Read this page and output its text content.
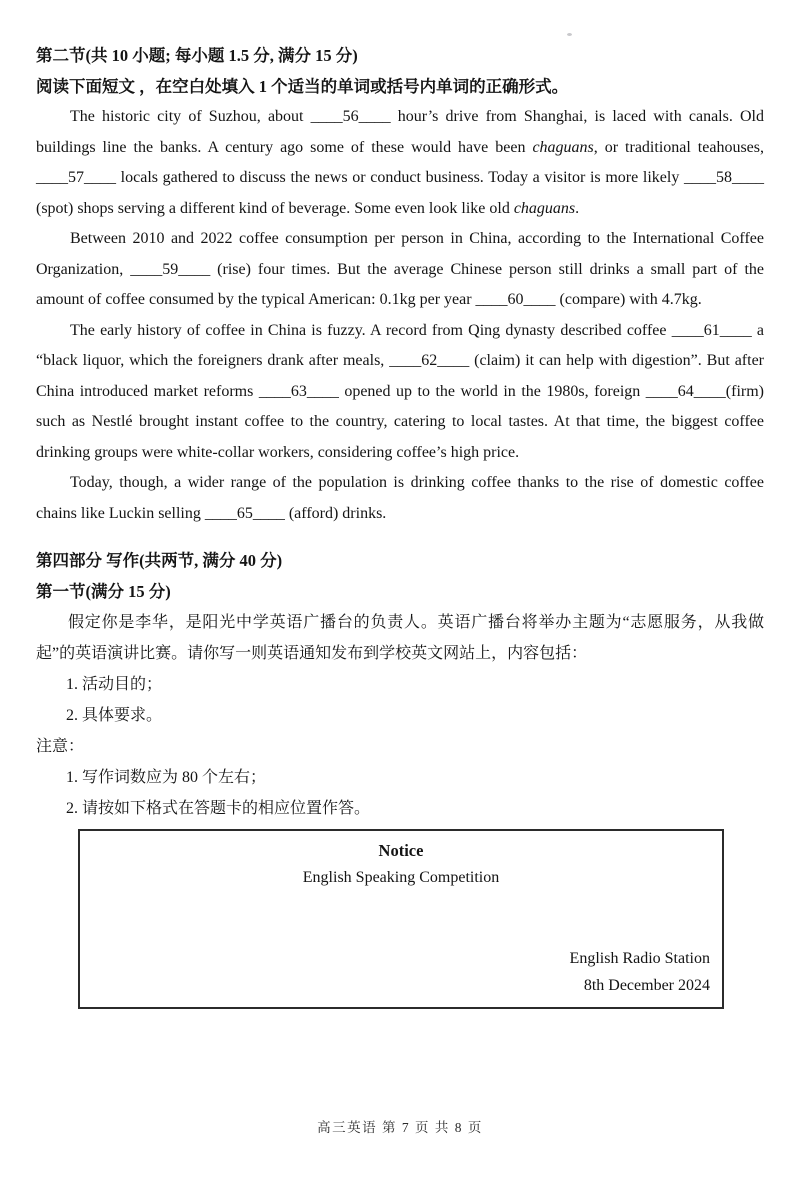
第二节(共 10 小题; 每小题 1.5 分, 满分 15 分)

阅读下面短文 ，在空白处填入 1 个适当的单词或括号内单词的正确形式。

The historic city of Suzhou, about ____56____ hour’s drive from Shanghai, is laced with canals. Old buildings line the banks. A century ago some of these would have been chaguans, or traditional teahouses, ____57____ locals gathered to discuss the news or conduct business. Today a visitor is more likely ____58____ (spot) shops serving a different kind of beverage. Some even look like old chaguans.

Between 2010 and 2022 coffee consumption per person in China, according to the International Coffee Organization, ____59____ (rise) four times. But the average Chinese person still drinks a small part of the amount of coffee consumed by the typical American: 0.1kg per year ____60____ (compare) with 4.7kg.

The early history of coffee in China is fuzzy. A record from Qing dynasty described coffee ____61____ a “black liquor, which the foreigners drank after meals, ____62____ (claim) it can help with digestion”. But after China introduced market reforms ____63____ opened up to the world in the 1980s, foreign ____64____(firm) such as Nestlé brought instant coffee to the country, catering to local tastes. At that time, the biggest coffee drinking groups were white-collar workers, considering coffee’s high price.

Today, though, a wider range of the population is drinking coffee thanks to the rise of domestic coffee chains like Luckin selling ____65____ (afford) drinks.

第四部分 写作(共两节, 满分 40 分)

第一节(满分 15 分)

假定你是李华，是阳光中学英语广播台的负责人。英语广播台将举办主题为“志愿服务，从我做起”的英语演讲比赛。请你写一则英语通知发布到学校英文网站上，内容包括：

1. 活动目的；

2. 具体要求。

注意：

1. 写作词数应为 80 个左右；

2. 请按如下格式在答题卡的相应位置作答。

Notice
English Speaking Competition
English Radio Station
8th December 2024
高三英语 第 7 页 共 8 页
